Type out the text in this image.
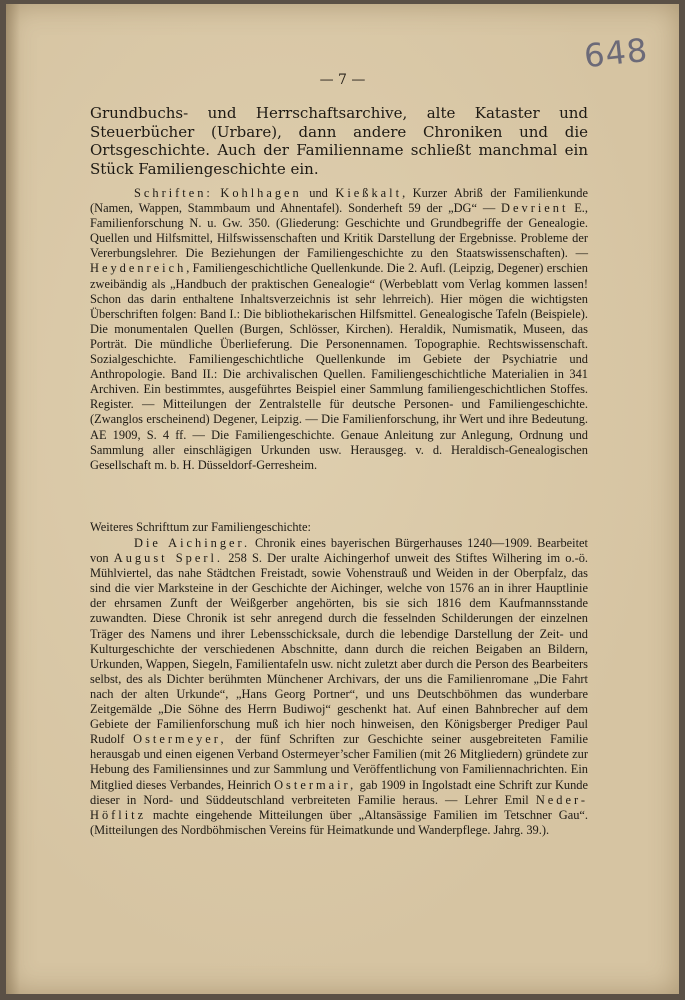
648
— 7 —

Grundbuchs- und Herrschaftsarchive, alte Kataster und Steuerbücher (Urbare), dann andere Chroniken und die Ortsgeschichte. Auch der Familienname schließt manchmal ein Stück Familiengeschichte ein.

Schriften: Kohlhagen und Kießkalt, Kurzer Abriß der Familienkunde (Namen, Wappen, Stammbaum und Ahnentafel). Sonderheft 59 der „DG“ — Devrient E., Familienforschung N. u. Gw. 350. (Gliederung: Geschichte und Grundbegriffe der Genealogie. Quellen und Hilfsmittel, Hilfswissenschaften und Kritik Darstellung der Ergebnisse. Probleme der Vererbungslehrer. Die Beziehungen der Familiengeschichte zu den Staatswissenschaften). — Heydenreich, Familiengeschichtliche Quellenkunde. Die 2. Aufl. (Leipzig, Degener) erschien zweibändig als „Handbuch der praktischen Genealogie“ (Werbeblatt vom Verlag kommen lassen! Schon das darin enthaltene Inhaltsverzeichnis ist sehr lehrreich). Hier mögen die wichtigsten Überschriften folgen: Band I.: Die bibliothekarischen Hilfsmittel. Genealogische Tafeln (Beispiele). Die monumentalen Quellen (Burgen, Schlösser, Kirchen). Heraldik, Numismatik, Museen, das Porträt. Die mündliche Überlieferung. Die Personennamen. Topographie. Rechtswissenschaft. Sozialgeschichte. Familiengeschichtliche Quellenkunde im Gebiete der Psychiatrie und Anthropologie. Band II.: Die archivalischen Quellen. Familiengeschichtliche Materialien in 341 Archiven. Ein bestimmtes, ausgeführtes Beispiel einer Sammlung familiengeschichtlichen Stoffes. Register. — Mitteilungen der Zentralstelle für deutsche Personen- und Familiengeschichte. (Zwanglos erscheinend) Degener, Leipzig. — Die Familienforschung, ihr Wert und ihre Bedeutung. AE 1909, S. 4 ff. — Die Familiengeschichte. Genaue Anleitung zur Anlegung, Ordnung und Sammlung aller einschlägigen Urkunden usw. Herausgeg. v. d. Heraldisch-Genealogischen Gesellschaft m. b. H. Düsseldorf-Gerresheim.

Weiteres Schrifttum zur Familiengeschichte:

Die Aichinger. Chronik eines bayerischen Bürgerhauses 1240—1909. Bearbeitet von August Sperl. 258 S. Der uralte Aichingerhof unweit des Stiftes Wilhering im o.-ö. Mühlviertel, das nahe Städtchen Freistadt, sowie Vohenstrauß und Weiden in der Oberpfalz, das sind die vier Marksteine in der Geschichte der Aichinger, welche von 1576 an in ihrer Hauptlinie der ehrsamen Zunft der Weißgerber angehörten, bis sie sich 1816 dem Kaufmannsstande zuwandten. Diese Chronik ist sehr anregend durch die fesselnden Schilderungen der einzelnen Träger des Namens und ihrer Lebensschicksale, durch die lebendige Darstellung der Zeit- und Kulturgeschichte der verschiedenen Abschnitte, dann durch die reichen Beigaben an Bildern, Urkunden, Wappen, Siegeln, Familientafeln usw. nicht zuletzt aber durch die Person des Bearbeiters selbst, des als Dichter berühmten Münchener Archivars, der uns die Familienromane „Die Fahrt nach der alten Urkunde“, „Hans Georg Portner“, und uns Deutschböhmen das wunderbare Zeitgemälde „Die Söhne des Herrn Budiwoj“ geschenkt hat. Auf einen Bahnbrecher auf dem Gebiete der Familienforschung muß ich hier noch hinweisen, den Königsberger Prediger Paul Rudolf Ostermeyer, der fünf Schriften zur Geschichte seiner ausgebreiteten Familie herausgab und einen eigenen Verband Ostermeyer’scher Familien (mit 26 Mitgliedern) gründete zur Hebung des Familiensinnes und zur Sammlung und Veröffentlichung von Familiennachrichten. Ein Mitglied dieses Verbandes, Heinrich Ostermair, gab 1909 in Ingolstadt eine Schrift zur Kunde dieser in Nord- und Süddeutschland verbreiteten Familie heraus. — Lehrer Emil Neder-Höflitz machte eingehende Mitteilungen über „Altansässige Familien im Tetschner Gau“. (Mitteilungen des Nordböhmischen Vereins für Heimatkunde und Wanderpflege. Jahrg. 39.).
